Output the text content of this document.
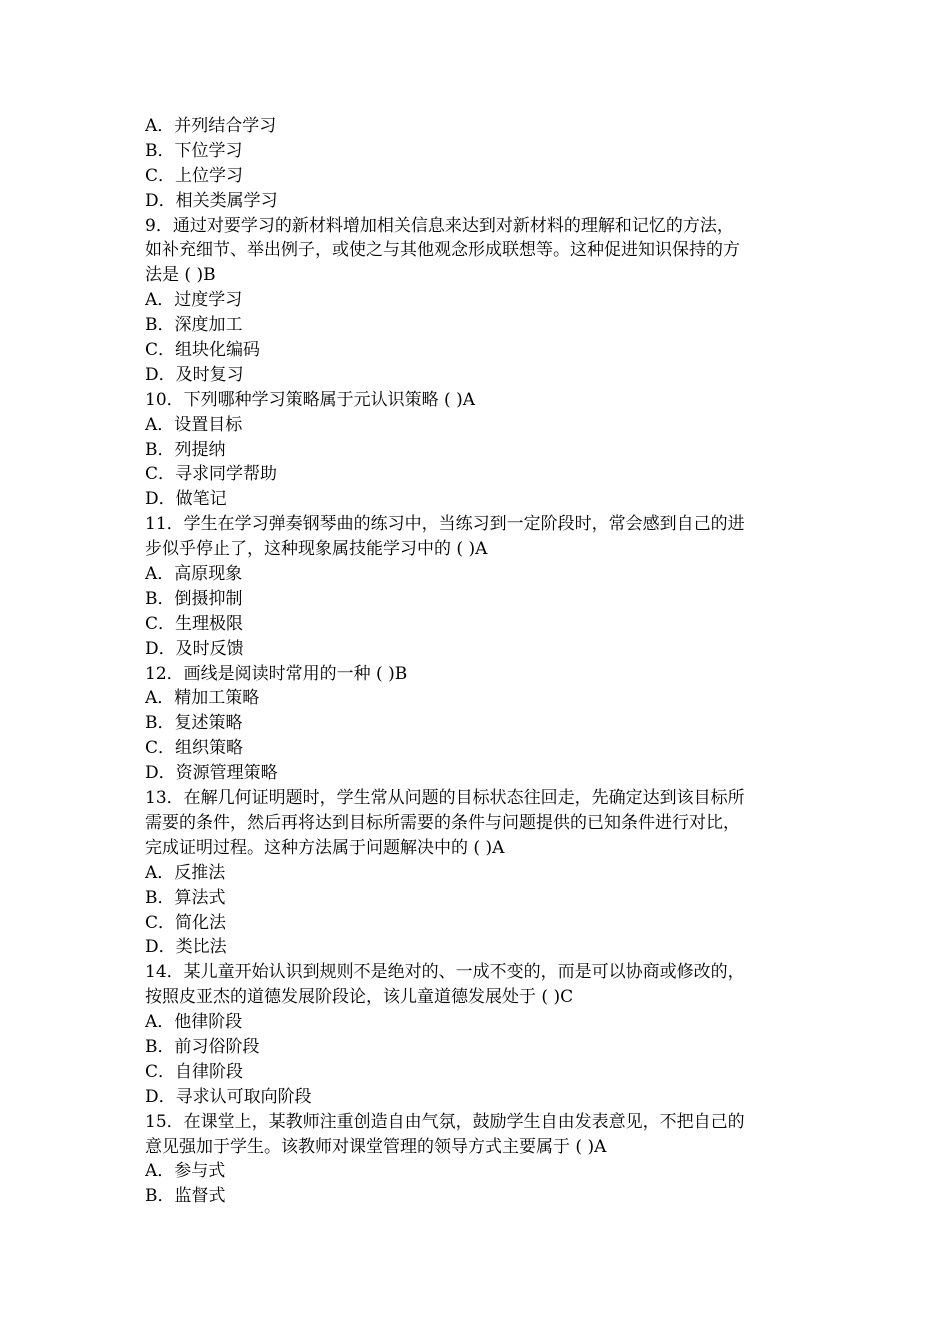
A．并列结合学习
B．下位学习
C．上位学习
D．相关类属学习
9．通过对要学习的新材料增加相关信息来达到对新材料的理解和记忆的方法，
如补充细节、举出例子，或使之与其他观念形成联想等。这种促进知识保持的方
法是 ( )B
A．过度学习
B．深度加工
C．组块化编码
D．及时复习
10．下列哪种学习策略属于元认识策略 ( )A
A．设置目标
B．列提纳
C．寻求同学帮助
D．做笔记
11．学生在学习弹奏钢琴曲的练习中，当练习到一定阶段时，常会感到自己的进
步似乎停止了，这种现象属技能学习中的 ( )A
A．高原现象
B．倒摄抑制
C．生理极限
D．及时反馈
12．画线是阅读时常用的一种 ( )B
A．精加工策略
B．复述策略
C．组织策略
D．资源管理策略
13．在解几何证明题时，学生常从问题的目标状态往回走，先确定达到该目标所
需要的条件，然后再将达到目标所需要的条件与问题提供的已知条件进行对比，
完成证明过程。这种方法属于问题解决中的 ( )A
A．反推法
B．算法式
C．简化法
D．类比法
14．某儿童开始认识到规则不是绝对的、一成不变的，而是可以协商或修改的，
按照皮亚杰的道德发展阶段论，该儿童道德发展处于 ( )C
A．他律阶段
B．前习俗阶段
C．自律阶段
D．寻求认可取向阶段
15．在课堂上，某教师注重创造自由气氛，鼓励学生自由发表意见，不把自己的
意见强加于学生。该教师对课堂管理的领导方式主要属于 ( )A
A．参与式
B．监督式
